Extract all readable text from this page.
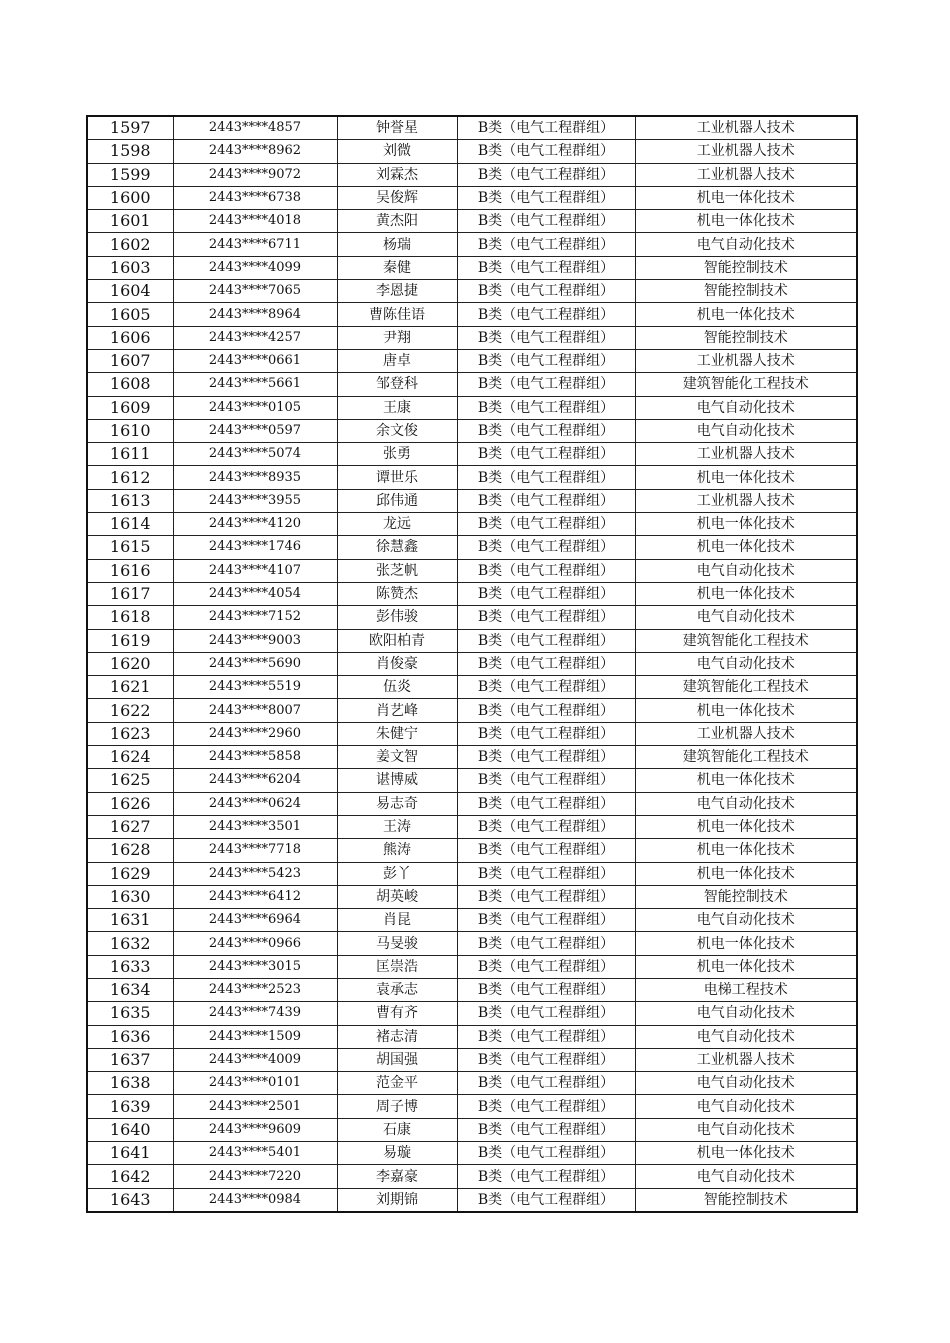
1597	2443****4857	钟誉星	B类（电气工程群组）	工业机器人技术
1598	2443****8962	刘微	B类（电气工程群组）	工业机器人技术
1599	2443****9072	刘霖杰	B类（电气工程群组）	工业机器人技术
1600	2443****6738	吴俊辉	B类（电气工程群组）	机电一体化技术
1601	2443****4018	黄杰阳	B类（电气工程群组）	机电一体化技术
1602	2443****6711	杨瑞	B类（电气工程群组）	电气自动化技术
1603	2443****4099	秦健	B类（电气工程群组）	智能控制技术
1604	2443****7065	李恩捷	B类（电气工程群组）	智能控制技术
1605	2443****8964	曹陈佳语	B类（电气工程群组）	机电一体化技术
1606	2443****4257	尹翔	B类（电气工程群组）	智能控制技术
1607	2443****0661	唐卓	B类（电气工程群组）	工业机器人技术
1608	2443****5661	邹登科	B类（电气工程群组）	建筑智能化工程技术
1609	2443****0105	王康	B类（电气工程群组）	电气自动化技术
1610	2443****0597	余文俊	B类（电气工程群组）	电气自动化技术
1611	2443****5074	张勇	B类（电气工程群组）	工业机器人技术
1612	2443****8935	谭世乐	B类（电气工程群组）	机电一体化技术
1613	2443****3955	邱伟通	B类（电气工程群组）	工业机器人技术
1614	2443****4120	龙远	B类（电气工程群组）	机电一体化技术
1615	2443****1746	徐慧鑫	B类（电气工程群组）	机电一体化技术
1616	2443****4107	张芝帆	B类（电气工程群组）	电气自动化技术
1617	2443****4054	陈赞杰	B类（电气工程群组）	机电一体化技术
1618	2443****7152	彭伟骏	B类（电气工程群组）	电气自动化技术
1619	2443****9003	欧阳柏青	B类（电气工程群组）	建筑智能化工程技术
1620	2443****5690	肖俊豪	B类（电气工程群组）	电气自动化技术
1621	2443****5519	伍炎	B类（电气工程群组）	建筑智能化工程技术
1622	2443****8007	肖艺峰	B类（电气工程群组）	机电一体化技术
1623	2443****2960	朱健宁	B类（电气工程群组）	工业机器人技术
1624	2443****5858	姜文智	B类（电气工程群组）	建筑智能化工程技术
1625	2443****6204	谌博威	B类（电气工程群组）	机电一体化技术
1626	2443****0624	易志奇	B类（电气工程群组）	电气自动化技术
1627	2443****3501	王涛	B类（电气工程群组）	机电一体化技术
1628	2443****7718	熊涛	B类（电气工程群组）	机电一体化技术
1629	2443****5423	彭丫	B类（电气工程群组）	机电一体化技术
1630	2443****6412	胡英峻	B类（电气工程群组）	智能控制技术
1631	2443****6964	肖昆	B类（电气工程群组）	电气自动化技术
1632	2443****0966	马旻骏	B类（电气工程群组）	机电一体化技术
1633	2443****3015	匡崇浩	B类（电气工程群组）	机电一体化技术
1634	2443****2523	袁承志	B类（电气工程群组）	电梯工程技术
1635	2443****7439	曹有齐	B类（电气工程群组）	电气自动化技术
1636	2443****1509	褚志清	B类（电气工程群组）	电气自动化技术
1637	2443****4009	胡国强	B类（电气工程群组）	工业机器人技术
1638	2443****0101	范金平	B类（电气工程群组）	电气自动化技术
1639	2443****2501	周子博	B类（电气工程群组）	电气自动化技术
1640	2443****9609	石康	B类（电气工程群组）	电气自动化技术
1641	2443****5401	易璇	B类（电气工程群组）	机电一体化技术
1642	2443****7220	李嘉豪	B类（电气工程群组）	电气自动化技术
1643	2443****0984	刘期锦	B类（电气工程群组）	智能控制技术
